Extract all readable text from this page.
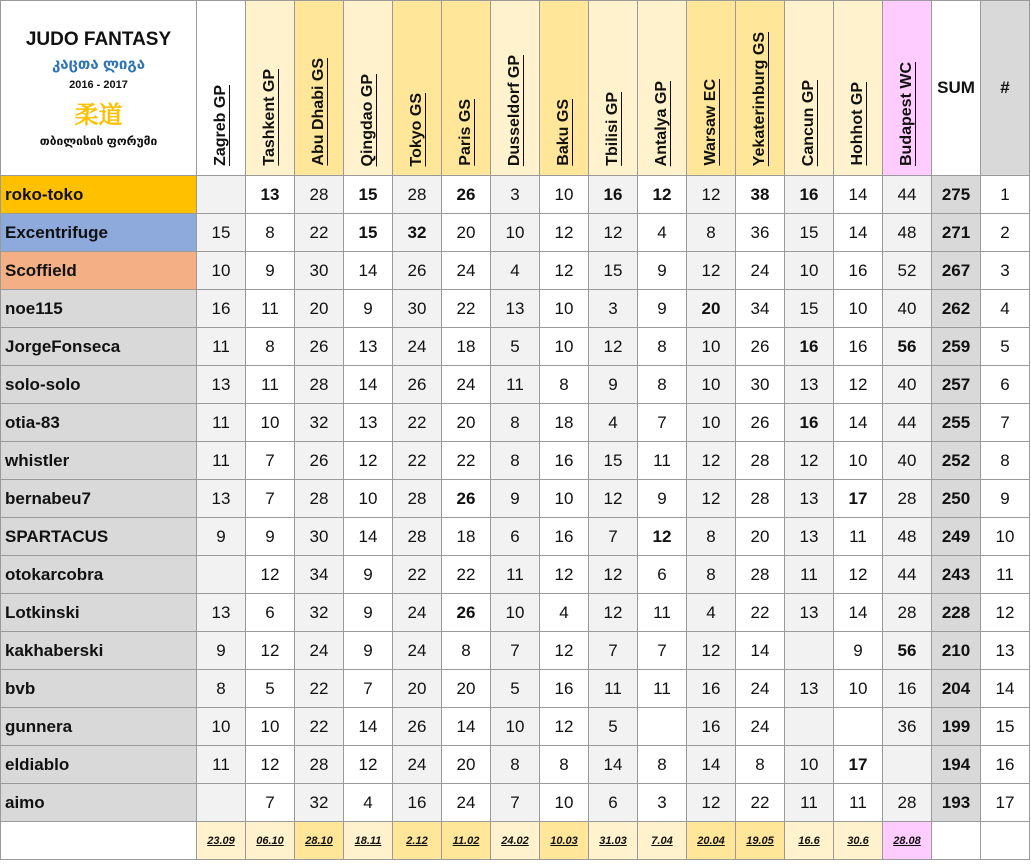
JUDO FANTASY
კაცთა ლიგა
2016 - 2017
柔道
თბილისის ფორუმი	Zagreb GP	Tashkent GP	Abu Dhabi GS	Qingdao GP	Tokyo GS	Paris GS	Dusseldorf GP	Baku GS	Tbilisi GP	Antalya GP	Warsaw EC	Yekaterinburg GS	Cancun GP	Hohhot GP	Budapest WC	SUM	#
roko-toko		13	28	15	28	26	3	10	16	12	12	38	16	14	44	275	1
Excentrifuge	15	8	22	15	32	20	10	12	12	4	8	36	15	14	48	271	2
Scoffield	10	9	30	14	26	24	4	12	15	9	12	24	10	16	52	267	3
noe115	16	11	20	9	30	22	13	10	3	9	20	34	15	10	40	262	4
JorgeFonseca	11	8	26	13	24	18	5	10	12	8	10	26	16	16	56	259	5
solo-solo	13	11	28	14	26	24	11	8	9	8	10	30	13	12	40	257	6
otia-83	11	10	32	13	22	20	8	18	4	7	10	26	16	14	44	255	7
whistler	11	7	26	12	22	22	8	16	15	11	12	28	12	10	40	252	8
bernabeu7	13	7	28	10	28	26	9	10	12	9	12	28	13	17	28	250	9
SPARTACUS	9	9	30	14	28	18	6	16	7	12	8	20	13	11	48	249	10
otokarcobra		12	34	9	22	22	11	12	12	6	8	28	11	12	44	243	11
Lotkinski	13	6	32	9	24	26	10	4	12	11	4	22	13	14	28	228	12
kakhaberski	9	12	24	9	24	8	7	12	7	7	12	14		9	56	210	13
bvb	8	5	22	7	20	20	5	16	11	11	16	24	13	10	16	204	14
gunnera	10	10	22	14	26	14	10	12	5		16	24			36	199	15
eldiablo	11	12	28	12	24	20	8	8	14	8	14	8	10	17		194	16
aimo		7	32	4	16	24	7	10	6	3	12	22	11	11	28	193	17
	23.09	06.10	28.10	18.11	2.12	11.02	24.02	10.03	31.03	7.04	20.04	19.05	16.6	30.6	28.08		
